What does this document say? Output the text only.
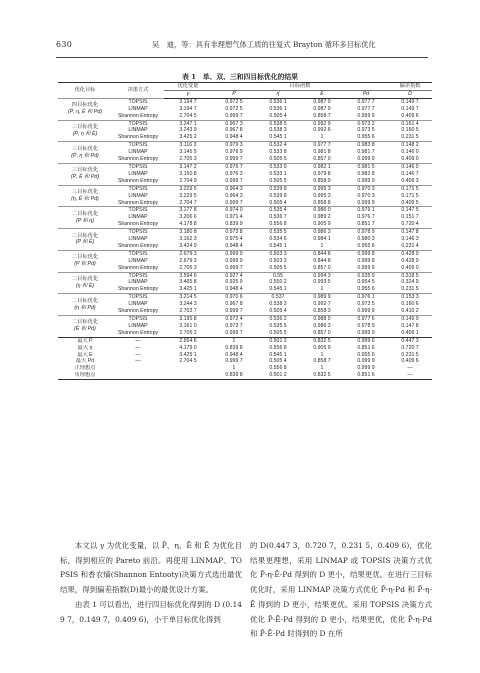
630	吴　迪，等：具有非理想气体工质的往复式 Brayton 循环多目标优化
表 1　单、双、三和四目标优化的结果
优化目标	决策方式	优化变量	目标函数				偏差指数
		γ	P̄	η̄	Ē	P̄d	D

四目标优化
(P̄, η, Ē 和 Pd)	TOPSIS	3.194 7	0.972 5	0.536 1	0.987 9	0.977 7	0.149 7
	LINMAP	3.194 7	0.972 5	0.536 1	0.987 9	0.977 7	0.149 7
	Shannon Entropy	2.704 5	0.999 7	0.505 4	0.858 7	0.999 9	0.409 6

三目标优化
(P̄, η 和 Ē)	TOPSIS	3.247 1	0.967 3	0.538 5	0.992 9	0.973 2	0.161 4
	LINMAP	3.243 9	0.967 8	0.538 3	0.992 6	0.973 5	0.160 5
	Shannon Entropy	3.425 2	0.948 4	0.545 1	1	0.955 6	0.231 5

三目标优化
(P̄, η 和 Pd)	TOPSIS	3.116 3	0.979 3	0.532 4	0.977 7	0.983 8	0.148 2
	LINMAP	3.145 5	0.976 9	0.533 8	0.981 8	0.981 7	0.146 0
	Shannon Entropy	2.705 3	0.999 7	0.505 5	0.857 0	0.999 9	0.409 0

三目标优化
(P̄, Ē 和 Pd)	TOPSIS	3.147 2	0.976 7	0.533 9	0.982 1	0.981 5	0.146 0
	LINMAP	3.150 8	0.976 3	0.533 1	0.979 8	0.982 8	0.146 7
	Shannon Entropy	2.704 9	0.999 7	0.505 5	0.858 9	0.999 9	0.409 3

三目标优化
(η, Ē 和 Pd)	TOPSIS	3.229 5	0.964 3	0.539 8	0.995 3	0.970 3	0.171 5
	LINMAP	3.229 5	0.964 3	0.539 8	0.995 3	0.970 3	0.171 5
	Shannon Entropy	2.704 7	0.999 7	0.505 4	0.858 8	0.999 9	0.409 5

二目标优化
(P 和 η)	TOPSIS	3.177 8	0.974 0	0.535 4	0.986 0	0.979 1	0.147 5
	LINMAP	3.206 6	0.971 4	0.536 7	0.989 2	0.976 7	0.151 7
	Shannon Entropy	4.178 8	0.839 9	0.556 8	0.905 9	0.851 7	0.720 4

二目标优化
(P 和 Ē)	TOPSIS	3.180 8	0.973 8	0.535 5	0.986 3	0.978 9	0.147 8
	LINMAP	3.162 3	0.975 4	0.534 6	0.984 1	0.980 3	0.146 3
	Shannon Entropy	3.424 9	0.948 4	0.545 1	1	0.955 6	0.231 4

二目标优化
(P 和 Pd)	TOPSIS	2.679 3	0.999 9	0.503 3	0.844 8	0.999 8	0.428 9
	LINMAP	2.679 3	0.999 9	0.503 3	0.844 8	0.999 8	0.428 9
	Shannon Entropy	2.705 3	0.999 7	0.505 5	0.857 0	0.999 9	0.409 0

二目标优化
(η 和 Ē)	TOPSIS	3.594 6	0.927 4	0.55	0.994 3	0.935 9	0.318 5
	LINMAP	3.465 8	0.925 9	0.550 2	0.993 5	0.954 5	0.324 9
	Shannon Entropy	3.425 1	0.948 4	0.545 1	1	0.955 6	0.231 5

二目标优化
(η 和 Pd)	TOPSIS	3.214 5	0.970 6	0.537	0.989 9	0.976 1	0.153 3
	LINMAP	3.244 3	0.967 8	0.538 3	0.992 7	0.973 5	0.160 6
	Shannon Entropy	2.703 7	0.999 7	0.505 4	0.858 3	0.999 9	0.410 2

二目标优化
(Ē 和 Pd)	TOPSIS	3.195 8	0.972 4	0.536 2	0.988 0	0.977 6	0.149 9
	LINMAP	3.161 0	0.973 7	0.535 5	0.986 3	0.978 9	0.147 8
	Shannon Entropy	2.705 2	0.999 7	0.505 5	0.857 0	0.999 9	0.409 1
最大 P	—	2.654 6	1	0.501 2	0.832 5	0.999 6	0.447 3
最大 η	—	4.179 0	0.839 8	0.556 8	0.905 9	0.851 6	0.720 7
最大 Ē	—	3.425 1	0.948 4	0.545 1	1	0.955 6	0.231 5
最大 Pd	—	2.704 5	0.999 7	0.505 4	0.858 7	0.999 9	0.409 6
正理想点			1	0.556 8	1	0.999 9	—
负理想点			0.839 8	0.501 2	0.832 5	0.851 6	—

本文以 γ 为优化变量，以 P̄、η、Ē 和 Ē 为优化目标，得到相应的 Pareto 前沿。再使用 LINMAP、TOPSIS 和香农熵(Shannon Entooty)决策方式选出最优结果，得到偏差指数(D)最小的最优设计方案。

由表 1 可以看出，进行四目标优化得到的 D (0.149 7，0.149 7，0.409 6)，小于单目标优化得到

的 D(0.447 3，0.720 7，0.231 5，0.409 6)，优化结果更理想，采用 LINMAP 或 TOPSIS 决策方式优化 P̄-η-Ē-Pd 得到的 D 更小，结果更优。在进行三目标优化时，采用 LINMAP 决策方式优化 P̄-η-Pd 和 P̄-η-Ē 得到的 D 更小，结果更优。采用 TOPSIS 决策方式优化 P̄-Ē-Pd 得到的 D 更小，结果更优，优化 P̄-η-Pd 和 P̄-Ē-Pd 时得到的 D 在所
